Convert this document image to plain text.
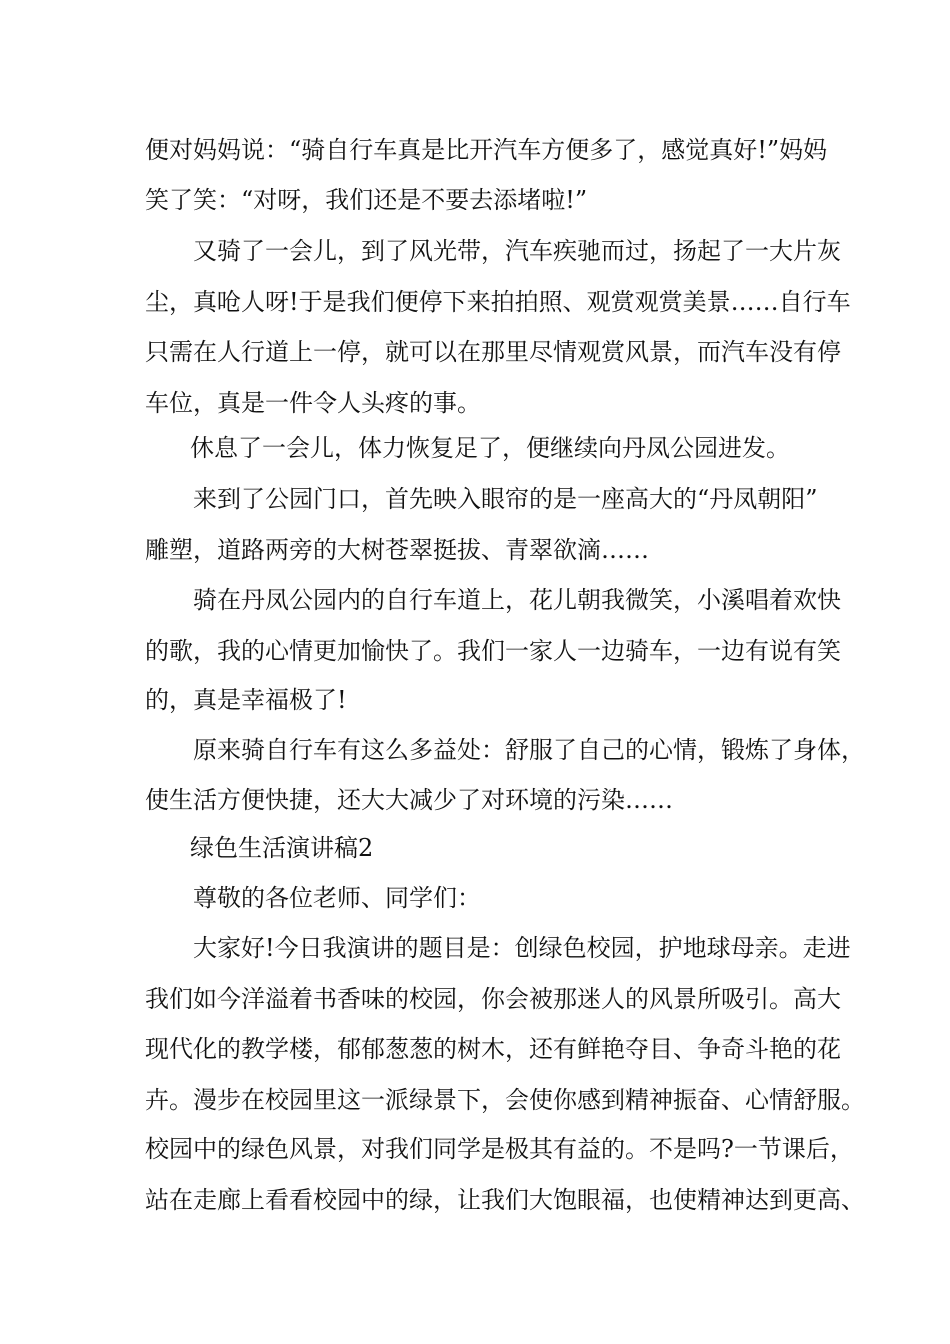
便对妈妈说：“骑自行车真是比开汽车方便多了，感觉真好!”妈妈
笑了笑：“对呀，我们还是不要去添堵啦!”
又骑了一会儿，到了风光带，汽车疾驰而过，扬起了一大片灰
尘，真呛人呀!于是我们便停下来拍拍照、观赏观赏美景……自行车
只需在人行道上一停，就可以在那里尽情观赏风景，而汽车没有停
车位，真是一件令人头疼的事。
休息了一会儿，体力恢复足了，便继续向丹凤公园进发。
来到了公园门口，首先映入眼帘的是一座高大的“丹凤朝阳”
雕塑，道路两旁的大树苍翠挺拔、青翠欲滴……
骑在丹凤公园内的自行车道上，花儿朝我微笑，小溪唱着欢快
的歌，我的心情更加愉快了。我们一家人一边骑车，一边有说有笑
的，真是幸福极了!
原来骑自行车有这么多益处：舒服了自己的心情，锻炼了身体，
使生活方便快捷，还大大减少了对环境的污染……
绿色生活演讲稿2
尊敬的各位老师、同学们：
大家好!今日我演讲的题目是：创绿色校园，护地球母亲。走进
我们如今洋溢着书香味的校园，你会被那迷人的风景所吸引。高大
现代化的教学楼，郁郁葱葱的树木，还有鲜艳夺目、争奇斗艳的花
卉。漫步在校园里这一派绿景下，会使你感到精神振奋、心情舒服。
校园中的绿色风景，对我们同学是极其有益的。不是吗?一节课后，
站在走廊上看看校园中的绿，让我们大饱眼福，也使精神达到更高、
